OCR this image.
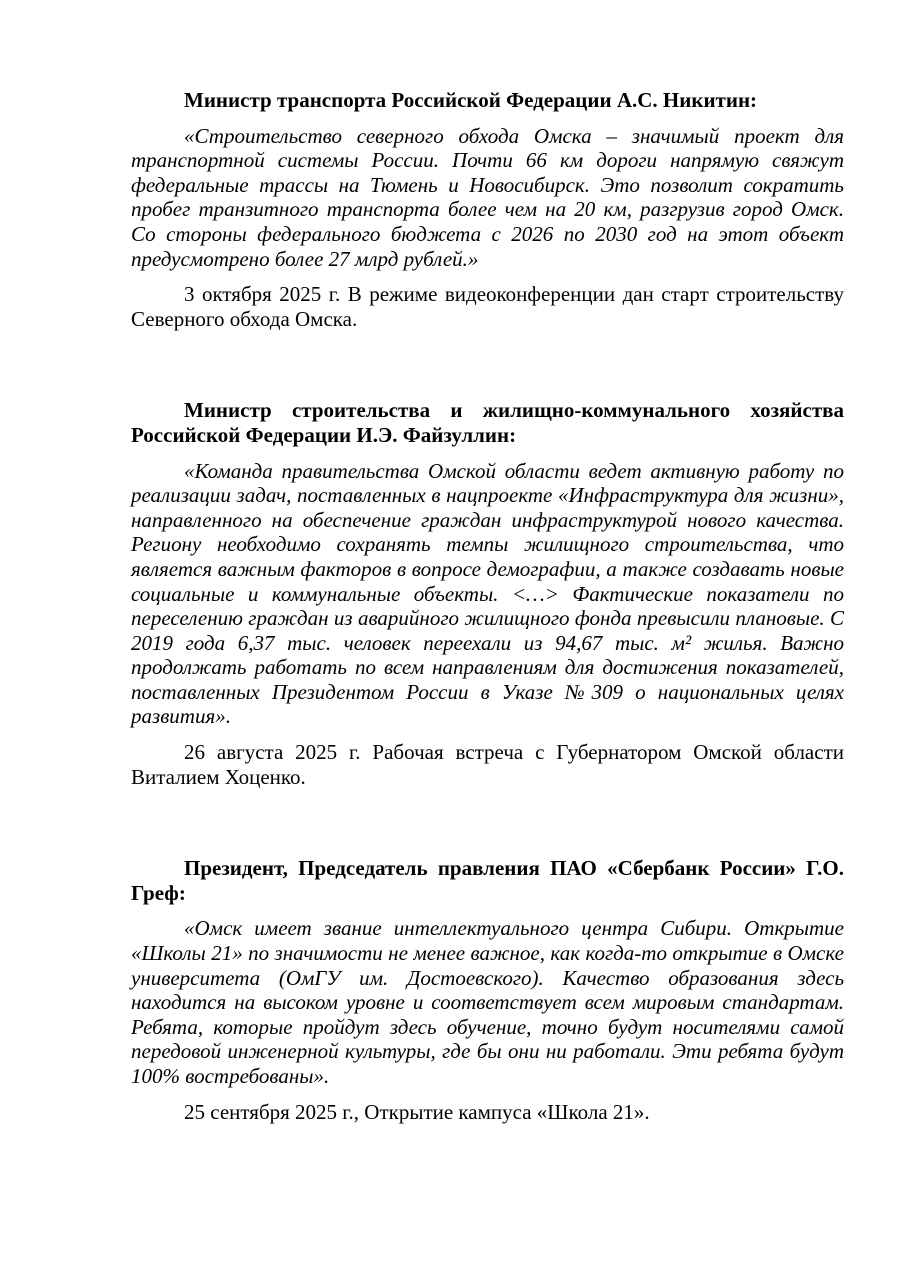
Министр транспорта Российской Федерации А.С. Никитин:

«Строительство северного обхода Омска – значимый проект для транспортной системы России. Почти 66 км дороги напрямую свяжут федеральные трассы на Тюмень и Новосибирск. Это позволит сократить пробег транзитного транспорта более чем на 20 км, разгрузив город Омск. Со стороны федерального бюджета с 2026 по 2030 год на этот объект предусмотрено более 27 млрд рублей.»

3 октября 2025 г. В режиме видеоконференции дан старт строительству Северного обхода Омска.

Министр строительства и жилищно-коммунального хозяйства Российской Федерации И.Э. Файзуллин:

«Команда правительства Омской области ведет активную работу по реализации задач, поставленных в нацпроекте «Инфраструктура для жизни», направленного на обеспечение граждан инфраструктурой нового качества. Региону необходимо сохранять темпы жилищного строительства, что является важным факторов в вопросе демографии, а также создавать новые социальные и коммунальные объекты. <…> Фактические показатели по переселению граждан из аварийного жилищного фонда превысили плановые. С 2019 года 6,37 тыс. человек переехали из 94,67 тыс. м² жилья. Важно продолжать работать по всем направлениям для достижения показателей, поставленных Президентом России в Указе №309 о национальных целях развития».

26 августа 2025 г. Рабочая встреча с Губернатором Омской области Виталием Хоценко.

Президент, Председатель правления ПАО «Сбербанк России» Г.О. Греф:

«Омск имеет звание интеллектуального центра Сибири. Открытие «Школы 21» по значимости не менее важное, как когда-то открытие в Омске университета (ОмГУ им. Достоевского). Качество образования здесь находится на высоком уровне и соответствует всем мировым стандартам. Ребята, которые пройдут здесь обучение, точно будут носителями самой передовой инженерной культуры, где бы они ни работали. Эти ребята будут 100% востребованы».

25 сентября 2025 г., Открытие кампуса «Школа 21».
